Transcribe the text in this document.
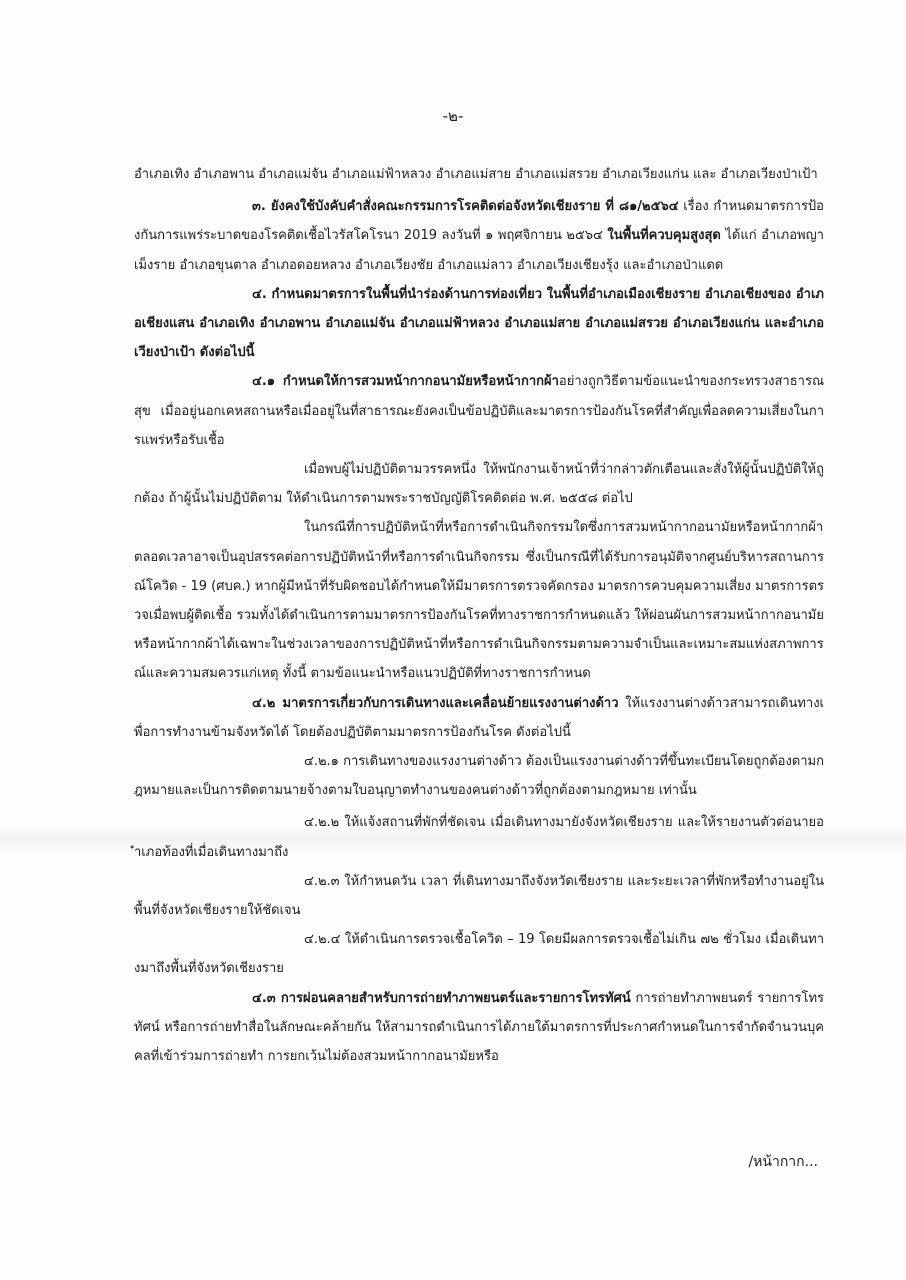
-๒-

อำเภอเทิง อำเภอพาน อำเภอแม่จัน อำเภอแม่ฟ้าหลวง อำเภอแม่สาย อำเภอแม่สรวย อำเภอเวียงแก่น และ อำเภอเวียงป่าเป้า

๓. ยังคงใช้บังคับคำสั่งคณะกรรมการโรคติดต่อจังหวัดเชียงราย ที่ ๘๑/๒๕๖๔ เรื่อง กำหนดมาตรการป้องกันการแพร่ระบาดของโรคติดเชื้อไวรัสโคโรนา 2019 ลงวันที่ ๑ พฤศจิกายน ๒๕๖๔ ในพื้นที่ควบคุมสูงสุด ได้แก่ อำเภอพญาเม็งราย อำเภอขุนตาล อำเภอดอยหลวง อำเภอเวียงชัย อำเภอแม่ลาว อำเภอเวียงเชียงรุ้ง และอำเภอป่าแดด

๔. กำหนดมาตรการในพื้นที่นำร่องด้านการท่องเที่ยว ในพื้นที่อำเภอเมืองเชียงราย อำเภอเชียงของ อำเภอเชียงแสน อำเภอเทิง อำเภอพาน อำเภอแม่จัน อำเภอแม่ฟ้าหลวง อำเภอแม่สาย อำเภอแม่สรวย อำเภอเวียงแก่น และอำเภอเวียงป่าเป้า ดังต่อไปนี้

๔.๑ กำหนดให้การสวมหน้ากากอนามัยหรือหน้ากากผ้าอย่างถูกวิธีตามข้อแนะนำของกระทรวงสาธารณสุข เมื่ออยู่นอกเคหสถานหรือเมื่ออยู่ในที่สาธารณะยังคงเป็นข้อปฏิบัติและมาตรการป้องกันโรคที่สำคัญเพื่อลดความเสี่ยงในการแพร่หรือรับเชื้อ

เมื่อพบผู้ไม่ปฏิบัติตามวรรคหนึ่ง ให้พนักงานเจ้าหน้าที่ว่ากล่าวตักเตือนและสั่งให้ผู้นั้นปฏิบัติให้ถูกต้อง ถ้าผู้นั้นไม่ปฏิบัติตาม ให้ดำเนินการตามพระราชบัญญัติโรคติดต่อ พ.ศ. ๒๕๕๘ ต่อไป

ในกรณีที่การปฏิบัติหน้าที่หรือการดำเนินกิจกรรมใดซึ่งการสวมหน้ากากอนามัยหรือหน้ากากผ้าตลอดเวลาอาจเป็นอุปสรรคต่อการปฏิบัติหน้าที่หรือการดำเนินกิจกรรม ซึ่งเป็นกรณีที่ได้รับการอนุมัติจากศูนย์บริหารสถานการณ์โควิด - 19 (ศบค.) หากผู้มีหน้าที่รับผิดชอบได้กำหนดให้มีมาตรการตรวจคัดกรอง มาตรการควบคุมความเสี่ยง มาตรการตรวจเมื่อพบผู้ติดเชื้อ รวมทั้งได้ดำเนินการตามมาตรการป้องกันโรคที่ทางราชการกำหนดแล้ว ให้ผ่อนผันการสวมหน้ากากอนามัยหรือหน้ากากผ้าได้เฉพาะในช่วงเวลาของการปฏิบัติหน้าที่หรือการดำเนินกิจกรรมตามความจำเป็นและเหมาะสมแห่งสภาพการณ์และความสมควรแก่เหตุ ทั้งนี้ ตามข้อแนะนำหรือแนวปฏิบัติที่ทางราชการกำหนด

๔.๒ มาตรการเกี่ยวกับการเดินทางและเคลื่อนย้ายแรงงานต่างด้าว ให้แรงงานต่างด้าวสามารถเดินทางเพื่อการทำงานข้ามจังหวัดได้ โดยต้องปฏิบัติตามมาตรการป้องกันโรค ดังต่อไปนี้

๔.๒.๑ การเดินทางของแรงงานต่างด้าว ต้องเป็นแรงงานต่างด้าวที่ขึ้นทะเบียนโดยถูกต้องตามกฎหมายและเป็นการติดตามนายจ้างตามใบอนุญาตทำงานของคนต่างด้าวที่ถูกต้องตามกฎหมาย เท่านั้น

๔.๒.๒ ให้แจ้งสถานที่พักที่ชัดเจน เมื่อเดินทางมายังจังหวัดเชียงราย และให้รายงานตัวต่อนายอำเภอท้องที่เมื่อเดินทางมาถึง

๔.๒.๓ ให้กำหนดวัน เวลา ที่เดินทางมาถึงจังหวัดเชียงราย และระยะเวลาที่พักหรือทำงานอยู่ในพื้นที่จังหวัดเชียงรายให้ชัดเจน

๔.๒.๔ ให้ดำเนินการตรวจเชื้อโควิด – 19 โดยมีผลการตรวจเชื้อไม่เกิน ๗๒ ชั่วโมง เมื่อเดินทางมาถึงพื้นที่จังหวัดเชียงราย

๔.๓ การผ่อนคลายสำหรับการถ่ายทำภาพยนตร์และรายการโทรทัศน์ การถ่ายทำภาพยนตร์ รายการโทรทัศน์ หรือการถ่ายทำสื่อในลักษณะคล้ายกัน ให้สามารถดำเนินการได้ภายใต้มาตรการที่ประกาศกำหนดในการจำกัดจำนวนบุคคลที่เข้าร่วมการถ่ายทำ การยกเว้นไม่ต้องสวมหน้ากากอนามัยหรือ

/หน้ากาก...
